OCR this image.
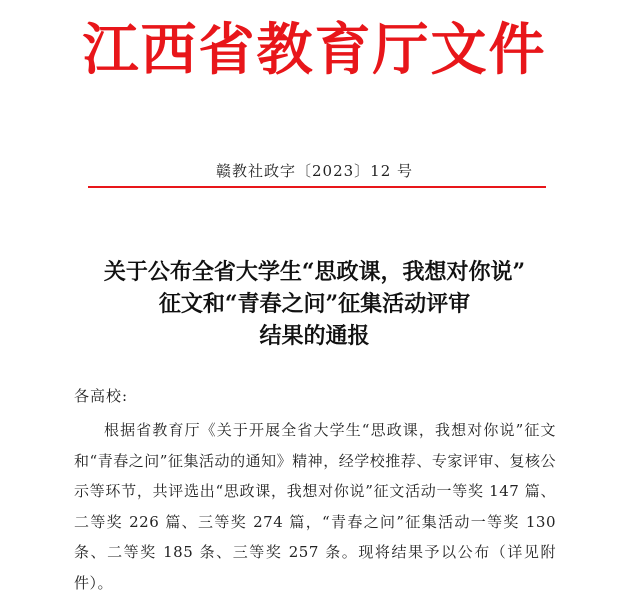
江西省教育厅文件
赣教社政字〔2023〕12 号
关于公布全省大学生“思政课，我想对你说”
征文和“青春之问”征集活动评审
结果的通报
各高校:
根据省教育厅《关于开展全省大学生“思政课，我想对你说”征文和“青春之问”征集活动的通知》精神，经学校推荐、专家评审、复核公示等环节，共评选出“思政课，我想对你说”征文活动一等奖 147 篇、二等奖 226 篇、三等奖 274 篇，“青春之问”征集活动一等奖 130 条、二等奖 185 条、三等奖 257 条。现将结果予以公布（详见附件）。
